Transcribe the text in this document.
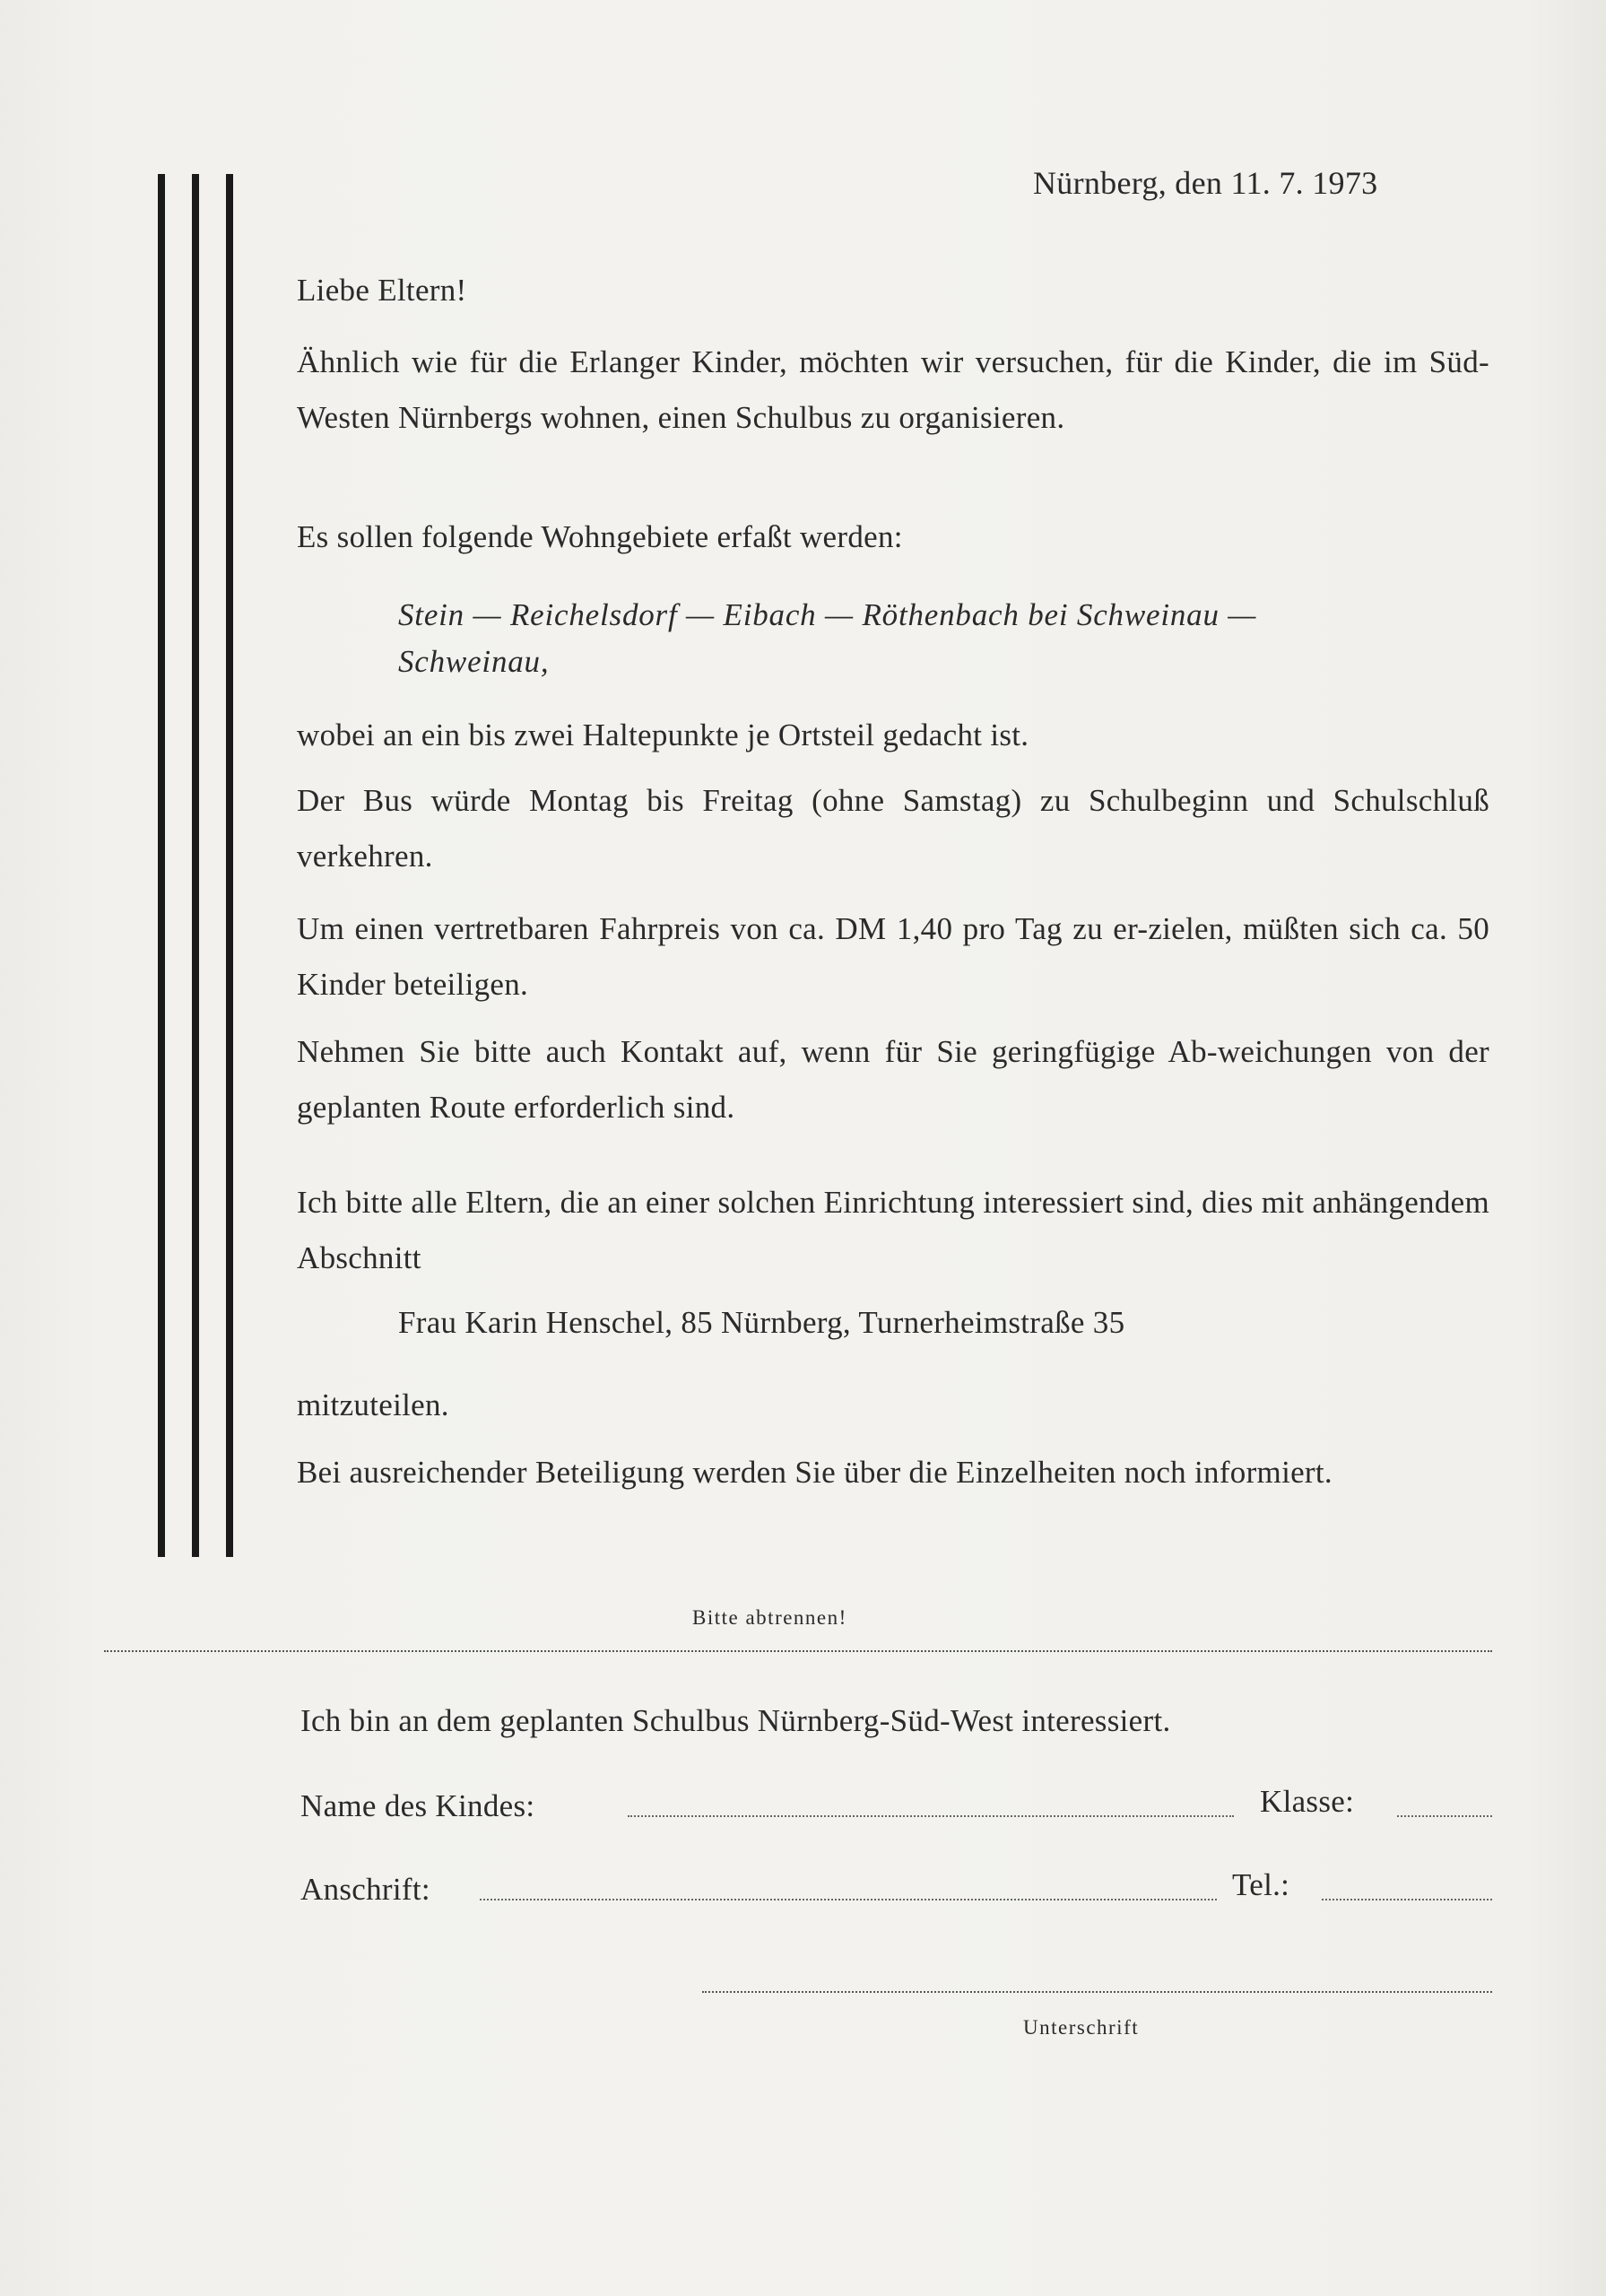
Nürnberg, den 11. 7. 1973
Liebe Eltern!
Ähnlich wie für die Erlanger Kinder, möchten wir versuchen, für die Kinder, die im Süd-Westen Nürnbergs wohnen, einen Schulbus zu organisieren.
Es sollen folgende Wohngebiete erfaßt werden:
Stein — Reichelsdorf — Eibach — Röthenbach bei Schweinau —
Schweinau,
wobei an ein bis zwei Haltepunkte je Ortsteil gedacht ist.
Der Bus würde Montag bis Freitag (ohne Samstag) zu Schulbeginn und Schulschluß verkehren.
Um einen vertretbaren Fahrpreis von ca. DM 1,40 pro Tag zu er-zielen, müßten sich ca. 50 Kinder beteiligen.
Nehmen Sie bitte auch Kontakt auf, wenn für Sie geringfügige Ab-weichungen von der geplanten Route erforderlich sind.
Ich bitte alle Eltern, die an einer solchen Einrichtung interessiert sind, dies mit anhängendem Abschnitt
Frau Karin Henschel, 85 Nürnberg, Turnerheimstraße 35
mitzuteilen.
Bei ausreichender Beteiligung werden Sie über die Einzelheiten noch informiert.
Bitte abtrennen!
Ich bin an dem geplanten Schulbus Nürnberg-Süd-West interessiert.
Name des Kindes:	Klasse:
Anschrift:	Tel.:
Unterschrift
